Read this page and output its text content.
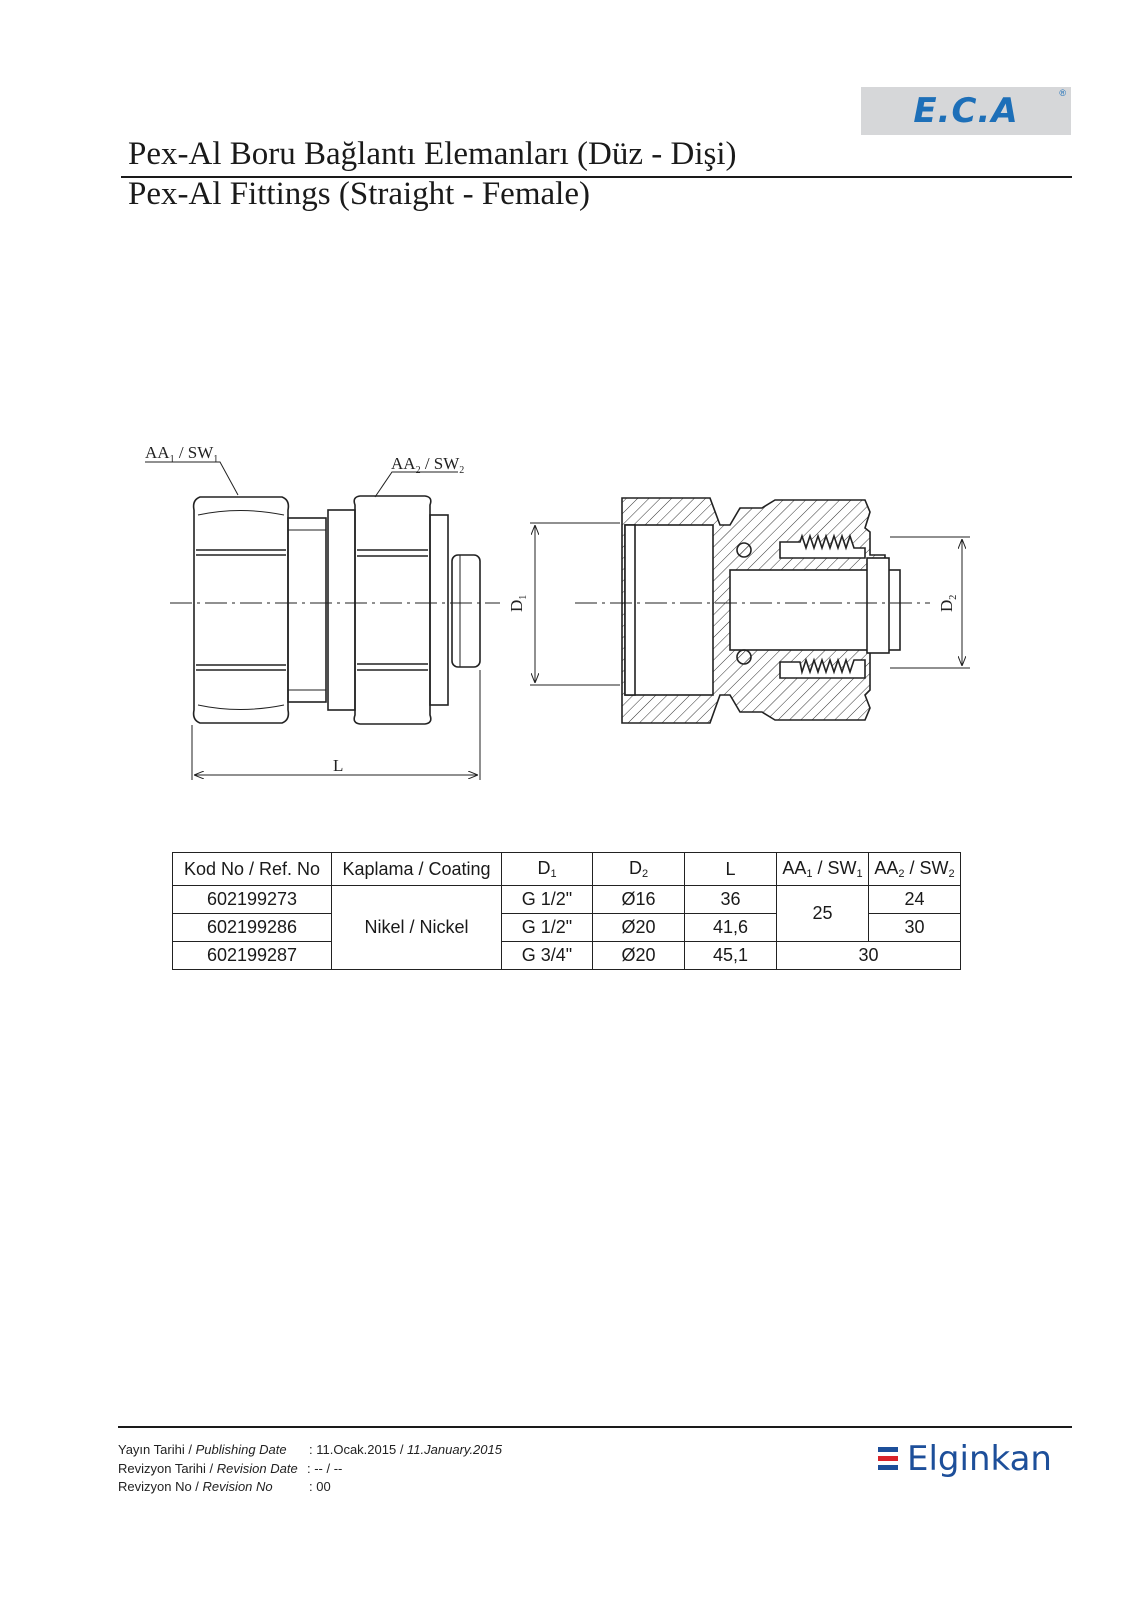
E.C.A	®
Pex-Al Boru Bağlantı Elemanları (Düz - Dişi)
Pex-Al Fittings (Straight - Female)
$AA_1 / SW_1$	$AA_2 / SW_2$
L
$D_1$
$D_2$
Kod No / Ref. No	Kaplama / Coating	$D_1$	$D_2$	L	$AA_1 / SW_1$	$AA_2 / SW_2$
602199273	Nikel / Nickel	G 1/2"	Ø16	36	25	24
602199286		G 1/2"	Ø20	41,6		30
602199287		G 3/4"	Ø20	45,1	30	
Yayın Tarihi / Publishing Date : 11.Ocak.2015 / 11.January.2015
Revizyon Tarihi / Revision Date : -- / --
Revizyon No / Revision No	: 00
Elginkan
